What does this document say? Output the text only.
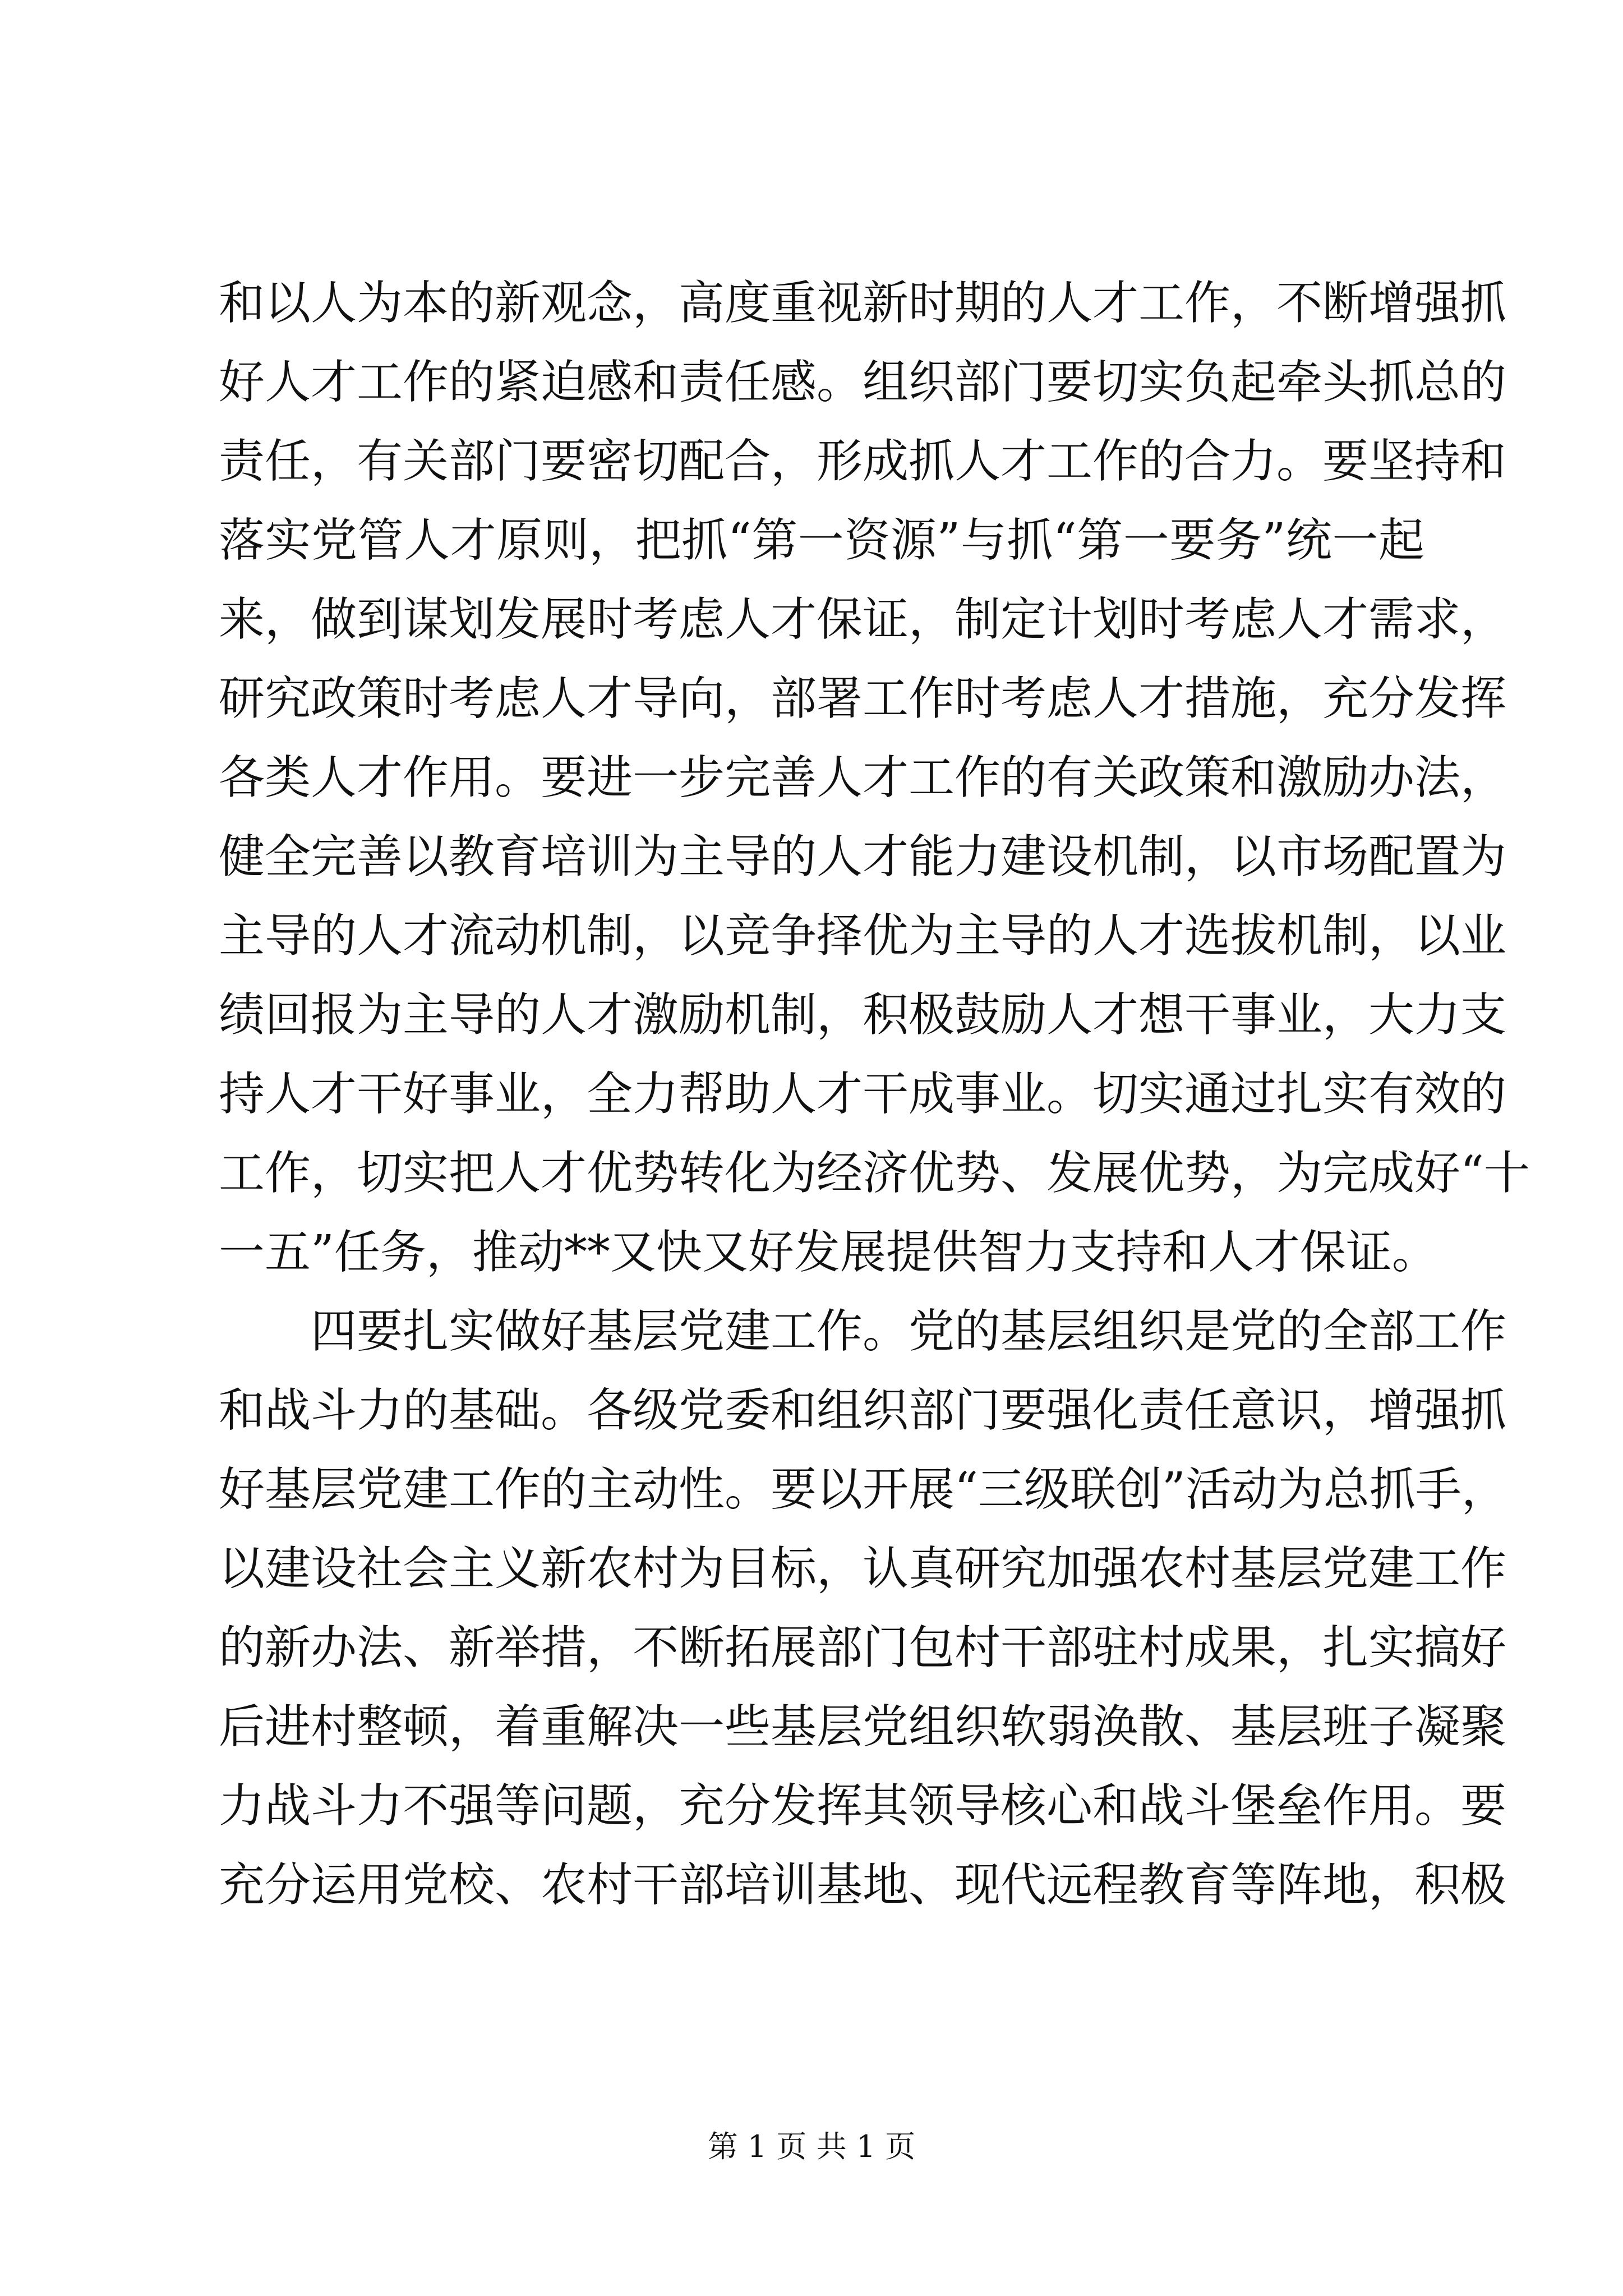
和以人为本的新观念，高度重视新时期的人才工作，不断增强抓
好人才工作的紧迫感和责任感。组织部门要切实负起牵头抓总的
责任，有关部门要密切配合，形成抓人才工作的合力。要坚持和
落实党管人才原则，把抓“第一资源”与抓“第一要务”统一起
来，做到谋划发展时考虑人才保证，制定计划时考虑人才需求，
研究政策时考虑人才导向，部署工作时考虑人才措施，充分发挥
各类人才作用。要进一步完善人才工作的有关政策和激励办法，
健全完善以教育培训为主导的人才能力建设机制，以市场配置为
主导的人才流动机制，以竞争择优为主导的人才选拔机制，以业
绩回报为主导的人才激励机制，积极鼓励人才想干事业，大力支
持人才干好事业，全力帮助人才干成事业。切实通过扎实有效的
工作，切实把人才优势转化为经济优势、发展优势，为完成好“十
一五”任务，推动**又快又好发展提供智力支持和人才保证。
四要扎实做好基层党建工作。党的基层组织是党的全部工作
和战斗力的基础。各级党委和组织部门要强化责任意识，增强抓
好基层党建工作的主动性。要以开展“三级联创”活动为总抓手，
以建设社会主义新农村为目标，认真研究加强农村基层党建工作
的新办法、新举措，不断拓展部门包村干部驻村成果，扎实搞好
后进村整顿，着重解决一些基层党组织软弱涣散、基层班子凝聚
力战斗力不强等问题，充分发挥其领导核心和战斗堡垒作用。要
充分运用党校、农村干部培训基地、现代远程教育等阵地，积极
第 1 页 共 1 页
